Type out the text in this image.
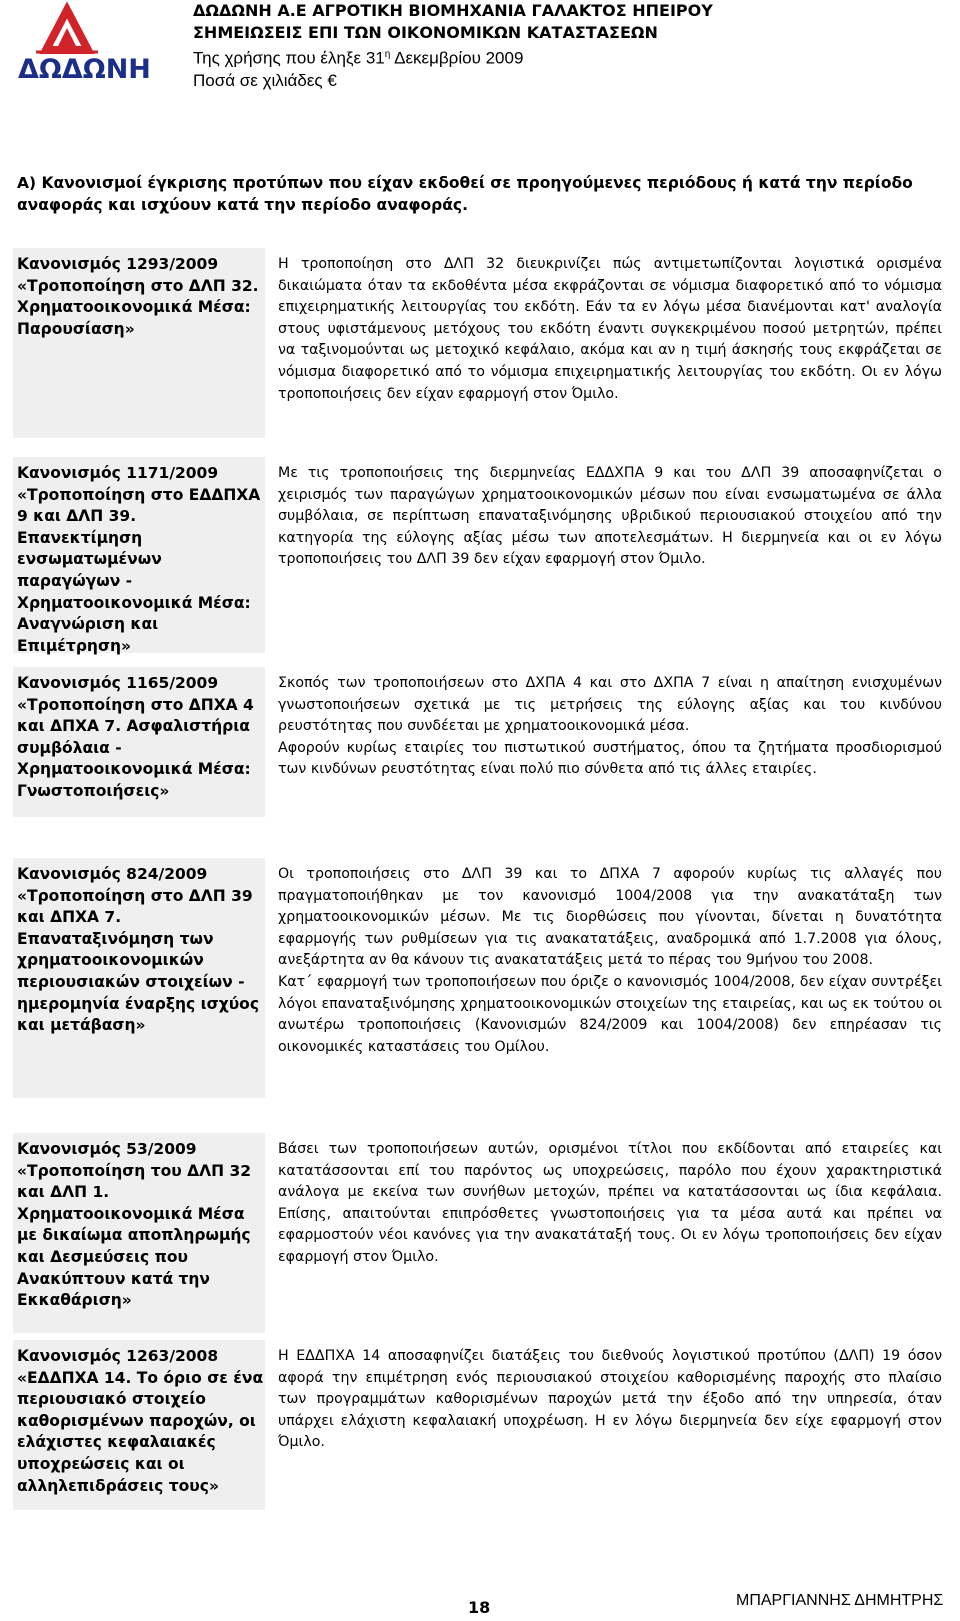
ΔΩΔΩΝΗ
ΔΩΔΩΝΗ Α.Ε ΑΓΡΟΤΙΚΗ ΒΙΟΜΗΧΑΝΙΑ ΓΑΛΑΚΤΟΣ ΗΠΕΙΡΟΥ
ΣΗΜΕΙΩΣΕΙΣ ΕΠΙ ΤΩΝ ΟΙΚΟΝΟΜΙΚΩΝ ΚΑΤΑΣΤΑΣΕΩΝ
Της χρήσης που έληξε $31^\eta$ Δεκεμβρίου 2009
Ποσά σε χιλιάδες €
A) Κανονισμοί έγκρισης προτύπων που είχαν εκδοθεί σε προηγούμενες περιόδους ή κατά την περίοδο αναφοράς και ισχύουν κατά την περίοδο αναφοράς.
Κανονισμός 1293/2009 «Τροποποίηση στο ΔΛΠ 32. Χρηματοοικονομικά Μέσα: Παρουσίαση»

Η τροποποίηση στο ΔΛΠ 32 διευκρινίζει πώς αντιμετωπίζονται λογιστικά ορισμένα δικαιώματα όταν τα εκδοθέντα μέσα εκφράζονται σε νόμισμα διαφορετικό από το νόμισμα επιχειρηματικής λειτουργίας του εκδότη. Εάν τα εν λόγω μέσα διανέμονται κατ' αναλογία στους υφιστάμενους μετόχους του εκδότη έναντι συγκεκριμένου ποσού μετρητών, πρέπει να ταξινομούνται ως μετοχικό κεφάλαιο, ακόμα και αν η τιμή άσκησής τους εκφράζεται σε νόμισμα διαφορετικό από το νόμισμα επιχειρηματικής λειτουργίας του εκδότη. Οι εν λόγω τροποποιήσεις δεν είχαν εφαρμογή στον Όμιλο.

Κανονισμός 1171/2009 «Τροποποίηση στο ΕΔΔΠΧΑ 9 και ΔΛΠ 39. Επανεκτίμηση ενσωματωμένων παραγώγων - Χρηματοοικονομικά Μέσα: Αναγνώριση και Επιμέτρηση»

Με τις τροποποιήσεις της διερμηνείας ΕΔΔΧΠΑ 9 και του ΔΛΠ 39 αποσαφηνίζεται ο χειρισμός των παραγώγων χρηματοοικονομικών μέσων που είναι ενσωματωμένα σε άλλα συμβόλαια, σε περίπτωση επαναταξινόμησης υβριδικού περιουσιακού στοιχείου από την κατηγορία της εύλογης αξίας μέσω των αποτελεσμάτων. Η διερμηνεία και οι εν λόγω τροποποιήσεις του ΔΛΠ 39 δεν είχαν εφαρμογή στον Όμιλο.

Κανονισμός 1165/2009 «Τροποποίηση στο ΔΠΧΑ 4 και ΔΠΧΑ 7. Ασφαλιστήρια συμβόλαια - Χρηματοοικονομικά Μέσα: Γνωστοποιήσεις»

Σκοπός των τροποποιήσεων στο ΔΧΠΑ 4 και στο ΔΧΠΑ 7 είναι η απαίτηση ενισχυμένων γνωστοποιήσεων σχετικά με τις μετρήσεις της εύλογης αξίας και του κινδύνου ρευστότητας που συνδέεται με χρηματοοικονομικά μέσα.

Αφορούν κυρίως εταιρίες του πιστωτικού συστήματος, όπου τα ζητήματα προσδιορισμού των κινδύνων ρευστότητας είναι πολύ πιο σύνθετα από τις άλλες εταιρίες.

Κανονισμός 824/2009 «Τροποποίηση στο ΔΛΠ 39 και ΔΠΧΑ 7. Επαναταξινόμηση των χρηματοοικονομικών περιουσιακών στοιχείων - ημερομηνία έναρξης ισχύος και μετάβαση»

Οι τροποποιήσεις στο ΔΛΠ 39 και το ΔΠΧΑ 7 αφορούν κυρίως τις αλλαγές που πραγματοποιήθηκαν με τον κανονισμό 1004/2008 για την ανακατάταξη των χρηματοοικονομικών μέσων. Με τις διορθώσεις που γίνονται, δίνεται η δυνατότητα εφαρμογής των ρυθμίσεων για τις ανακατατάξεις, αναδρομικά από 1.7.2008 για όλους, ανεξάρτητα αν θα κάνουν τις ανακατατάξεις μετά το πέρας του 9μήνου του 2008.

Κατ΄ εφαρμογή των τροποποιήσεων που όριζε ο κανονισμός 1004/2008, δεν είχαν συντρέξει λόγοι επαναταξινόμησης χρηματοοικονομικών στοιχείων της εταιρείας, και ως εκ τούτου οι ανωτέρω τροποποιήσεις (Κανονισμών 824/2009 και 1004/2008) δεν επηρέασαν τις οικονομικές καταστάσεις του Ομίλου.

Κανονισμός 53/2009 «Τροποποίηση του ΔΛΠ 32 και ΔΛΠ 1. Χρηματοοικονομικά Μέσα με δικαίωμα αποπληρωμής και Δεσμεύσεις που Ανακύπτουν κατά την Εκκαθάριση»

Βάσει των τροποποιήσεων αυτών, ορισμένοι τίτλοι που εκδίδονται από εταιρείες και κατατάσσονται επί του παρόντος ως υποχρεώσεις, παρόλο που έχουν χαρακτηριστικά ανάλογα με εκείνα των συνήθων μετοχών, πρέπει να κατατάσσονται ως ίδια κεφάλαια. Επίσης, απαιτούνται επιπρόσθετες γνωστοποιήσεις για τα μέσα αυτά και πρέπει να εφαρμοστούν νέοι κανόνες για την ανακατάταξή τους. Οι εν λόγω τροποποιήσεις δεν είχαν εφαρμογή στον Όμιλο.

Κανονισμός 1263/2008 «ΕΔΔΠΧΑ 14. Το όριο σε ένα περιουσιακό στοιχείο καθορισμένων παροχών, οι ελάχιστες κεφαλαιακές υποχρεώσεις και οι αλληλεπιδράσεις τους»

Η ΕΔΔΠΧΑ 14 αποσαφηνίζει διατάξεις του διεθνούς λογιστικού προτύπου (ΔΛΠ) 19 όσον αφορά την επιμέτρηση ενός περιουσιακού στοιχείου καθορισμένης παροχής στο πλαίσιο των προγραμμάτων καθορισμένων παροχών μετά την έξοδο από την υπηρεσία, όταν υπάρχει ελάχιστη κεφαλαιακή υποχρέωση. Η εν λόγω διερμηνεία δεν είχε εφαρμογή στον Όμιλο.

18	ΜΠΑΡΓΙΑΝΝΗΣ ΔΗΜΗΤΡΗΣ
